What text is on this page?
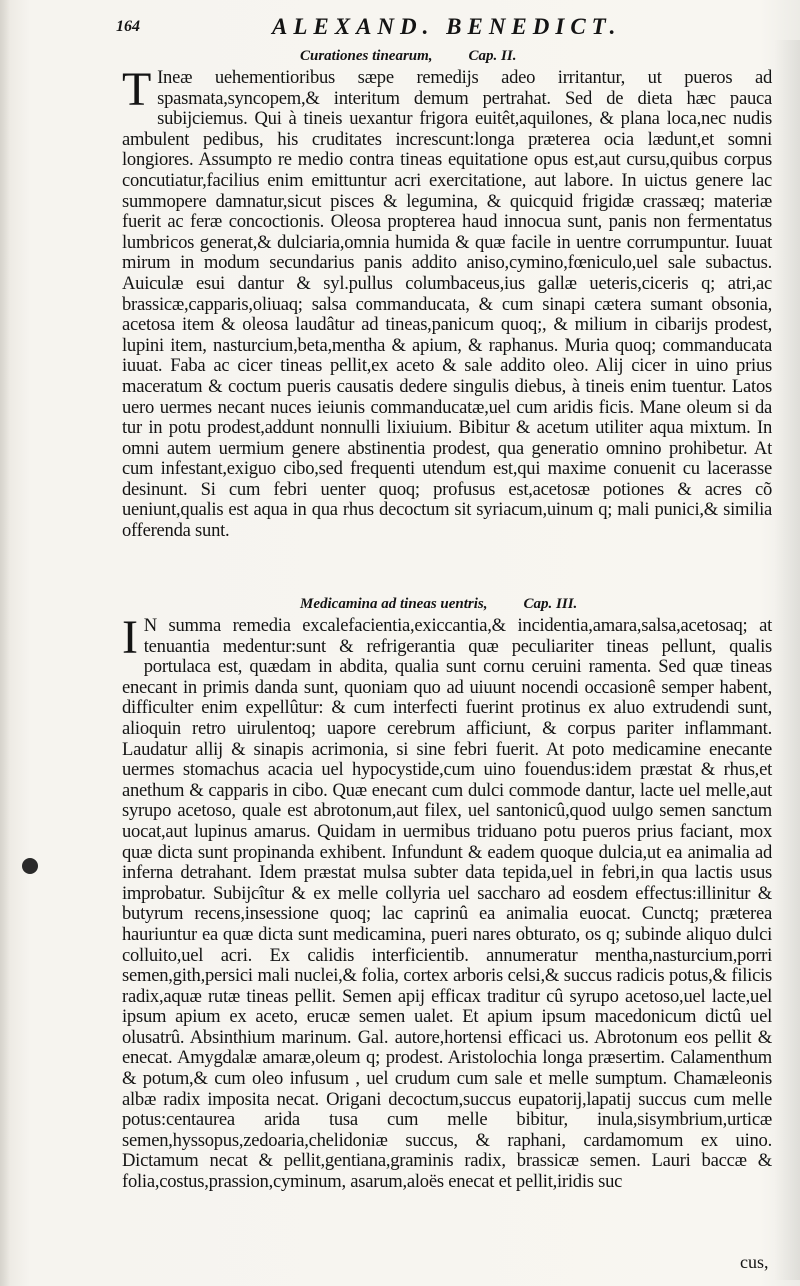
164	ALEXAND. BENEDICT.
Curationes tinearum, Cap. II.

T Ineæ uehementioribus sæpe remedijs adeo irritantur, ut pueros ad spasmata,syncopem,& interitum demum pertrahat. Sed de dieta hæc pauca subijciemus. Qui à tineis uexantur frigora euitêt,aquilones, & plana loca,nec nudis ambulent pedibus, his cruditates increscunt:longa præterea ocia lædunt,et somni longiores. Assumpto re medio contra tineas equitatione opus est,aut cursu,quibus corpus concutiatur,facilius enim emittuntur acri exercitatione, aut labore. In uictus genere lac summopere damnatur,sicut pisces & legumina, & quicquid frigidæ crassæq; materiæ fuerit ac feræ concoctionis. Oleosa propterea haud innocua sunt, panis non fermentatus lumbricos generat,& dulciaria,omnia humida & quæ facile in uentre corrumpuntur. Iuuat mirum in modum secundarius panis addito aniso,cymino,fœniculo,uel sale subactus. Auiculæ esui dantur & syl.pullus columbaceus,ius gallæ ueteris,ciceris q; atri,ac brassicæ,capparis,oliuaq; salsa commanducata, & cum sinapi cætera sumant obsonia, acetosa item & oleosa laudâtur ad tineas,panicum quoq;, & milium in cibarijs prodest, lupini item, nasturcium,beta,mentha & apium, & raphanus. Muria quoq; commanducata iuuat. Faba ac cicer tineas pellit,ex aceto & sale addito oleo. Alij cicer in uino prius maceratum & coctum pueris causatis dedere singulis diebus, à tineis enim tuentur. Latos uero uermes necant nuces ieiunis commanducatæ,uel cum aridis ficis. Mane oleum si da tur in potu prodest,addunt nonnulli lixiuium. Bibitur & acetum utiliter aqua mixtum. In omni autem uermium genere abstinentia prodest, qua generatio omnino prohibetur. At cum infestant,exiguo cibo,sed frequenti utendum est,qui maxime conuenit cu lacerasse desinunt. Si cum febri uenter quoq; profusus est,acetosæ potiones & acres cõ ueniunt,qualis est aqua in qua rhus decoctum sit syriacum,uinum q; mali punici,& similia offerenda sunt.

Medicamina ad tineas uentris, Cap. III.

I N summa remedia excalefacientia,exiccantia,& incidentia,amara,salsa,acetosaq; at tenuantia medentur:sunt & refrigerantia quæ peculiariter tineas pellunt, qualis portulaca est, quædam in abdita, qualia sunt cornu ceruini ramenta. Sed quæ tineas enecant in primis danda sunt, quoniam quo ad uiuunt nocendi occasionê semper habent, difficulter enim expellûtur: & cum interfecti fuerint protinus ex aluo extrudendi sunt, alioquin retro uirulentoq; uapore cerebrum afficiunt, & corpus pariter inflammant. Laudatur allij & sinapis acrimonia, si sine febri fuerit. At poto medicamine enecante uermes stomachus acacia uel hypocystide,cum uino fouendus:idem præstat & rhus,et anethum & capparis in cibo. Quæ enecant cum dulci commode dantur, lacte uel melle,aut syrupo acetoso, quale est abrotonum,aut filex, uel santonicû,quod uulgo semen sanctum uocat,aut lupinus amarus. Quidam in uermibus triduano potu pueros prius faciant, mox quæ dicta sunt propinanda exhibent. Infundunt & eadem quoque dulcia,ut ea animalia ad inferna detrahant. Idem præstat mulsa subter data tepida,uel in febri,in qua lactis usus improbatur. Subijcîtur & ex melle collyria uel saccharo ad eosdem effectus:illinitur & butyrum recens,insessione quoq; lac caprinû ea animalia euocat. Cunctq; præterea hauriuntur ea quæ dicta sunt medicamina, pueri nares obturato, os q; subinde aliquo dulci colluito,uel acri. Ex calidis interficientib. annumeratur mentha,nasturcium,porri semen,gith,persici mali nuclei,& folia, cortex arboris celsi,& succus radicis potus,& filicis radix,aquæ rutæ tineas pellit. Semen apij efficax traditur cû syrupo acetoso,uel lacte,uel ipsum apium ex aceto, erucæ semen ualet. Et apium ipsum macedonicum dictû uel olusatrû. Absinthium marinum. Gal. autore,hortensi efficaci us. Abrotonum eos pellit & enecat. Amygdalæ amaræ,oleum q; prodest. Aristolochia longa præsertim. Calamenthum & potum,& cum oleo infusum , uel crudum cum sale et melle sumptum. Chamæleonis albæ radix imposita necat. Origani decoctum,succus eupatorij,lapatij succus cum melle potus:centaurea arida tusa cum melle bibitur, inula,sisymbrium,urticæ semen,hyssopus,zedoaria,chelidoniæ succus, & raphani, cardamomum ex uino. Dictamum necat & pellit,gentiana,graminis radix, brassicæ semen. Lauri baccæ & folia,costus,prassion,cyminum, asarum,aloës enecat et pellit,iridis suc

cus,
